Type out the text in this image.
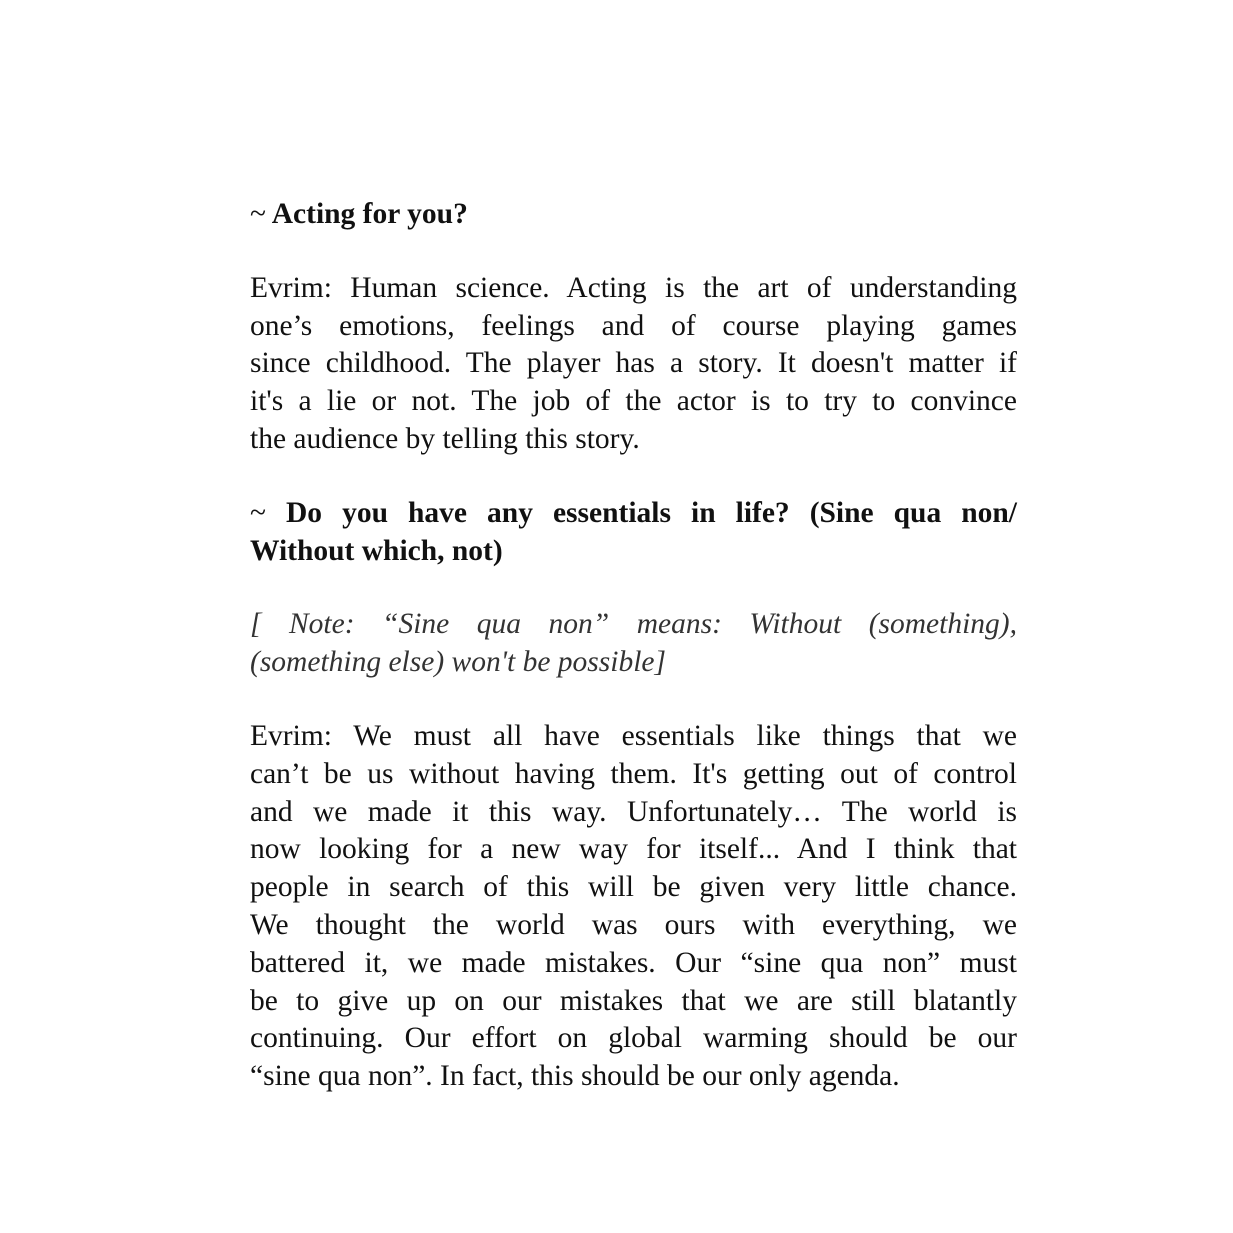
~ Acting for you?
Evrim: Human science. Acting is the art of understanding
one’s emotions, feelings and of course playing games
since childhood. The player has a story. It doesn't matter if
it's a lie or not. The job of the actor is to try to convince
the audience by telling this story.
~ Do you have any essentials in life? (Sine qua non/
Without which, not)
[ Note: “Sine qua non” means: Without (something),
(something else) won't be possible]
Evrim: We must all have essentials like things that we
can’t be us without having them. It's getting out of control
and we made it this way. Unfortunately… The world is
now looking for a new way for itself... And I think that
people in search of this will be given very little chance.
We thought the world was ours with everything, we
battered it, we made mistakes. Our “sine qua non” must
be to give up on our mistakes that we are still blatantly
continuing. Our effort on global warming should be our
“sine qua non”. In fact, this should be our only agenda.
